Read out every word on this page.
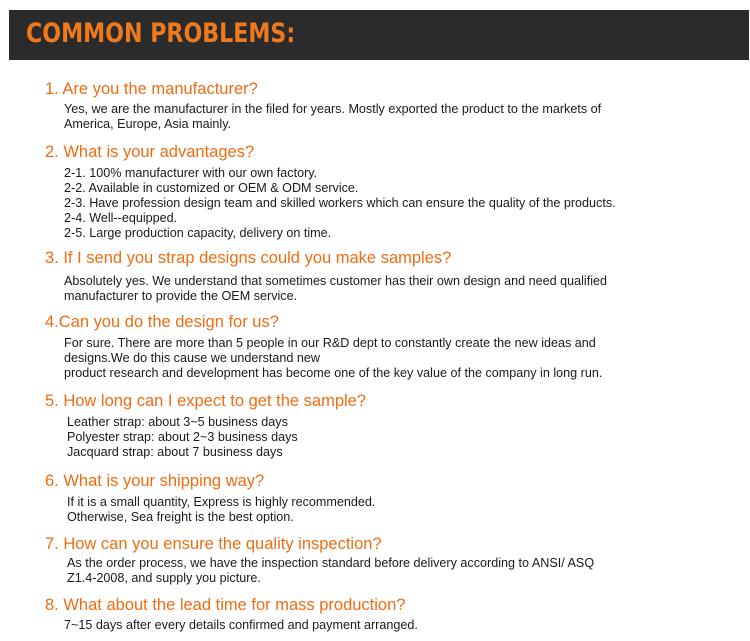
COMMON PROBLEMS:
1. Are you the manufacturer?
Yes, we are the manufacturer in the filed for years. Mostly exported the product to the markets of
America, Europe, Asia mainly.
2. What is your advantages?
2-1. 100% manufacturer with our own factory.
2-2. Available in customized or OEM & ODM service.
2-3. Have profession design team and skilled workers which can ensure the quality of the products.
2-4. Well--equipped.
2-5. Large production capacity, delivery on time.
3. If I send you strap designs could you make samples?
Absolutely yes. We understand that sometimes customer has their own design and need qualified
manufacturer to provide the OEM service.
4.Can you do the design for us?
For sure. There are more than 5 people in our R&D dept to constantly create the new ideas and
designs.We do this cause we understand new
product research and development has become one of the key value of the company in long run.
5. How long can I expect to get the sample?
Leather strap: about 3~5 business days
Polyester strap: about 2~3 business days
Jacquard strap: about 7 business days
6. What is your shipping way?
If it is a small quantity, Express is highly recommended.
Otherwise, Sea freight is the best option.
7. How can you ensure the quality inspection?
As the order process, we have the inspection standard before delivery according to ANSI/ ASQ
Z1.4-2008, and supply you picture.
8. What about the lead time for mass production?
7~15 days after every details confirmed and payment arranged.
